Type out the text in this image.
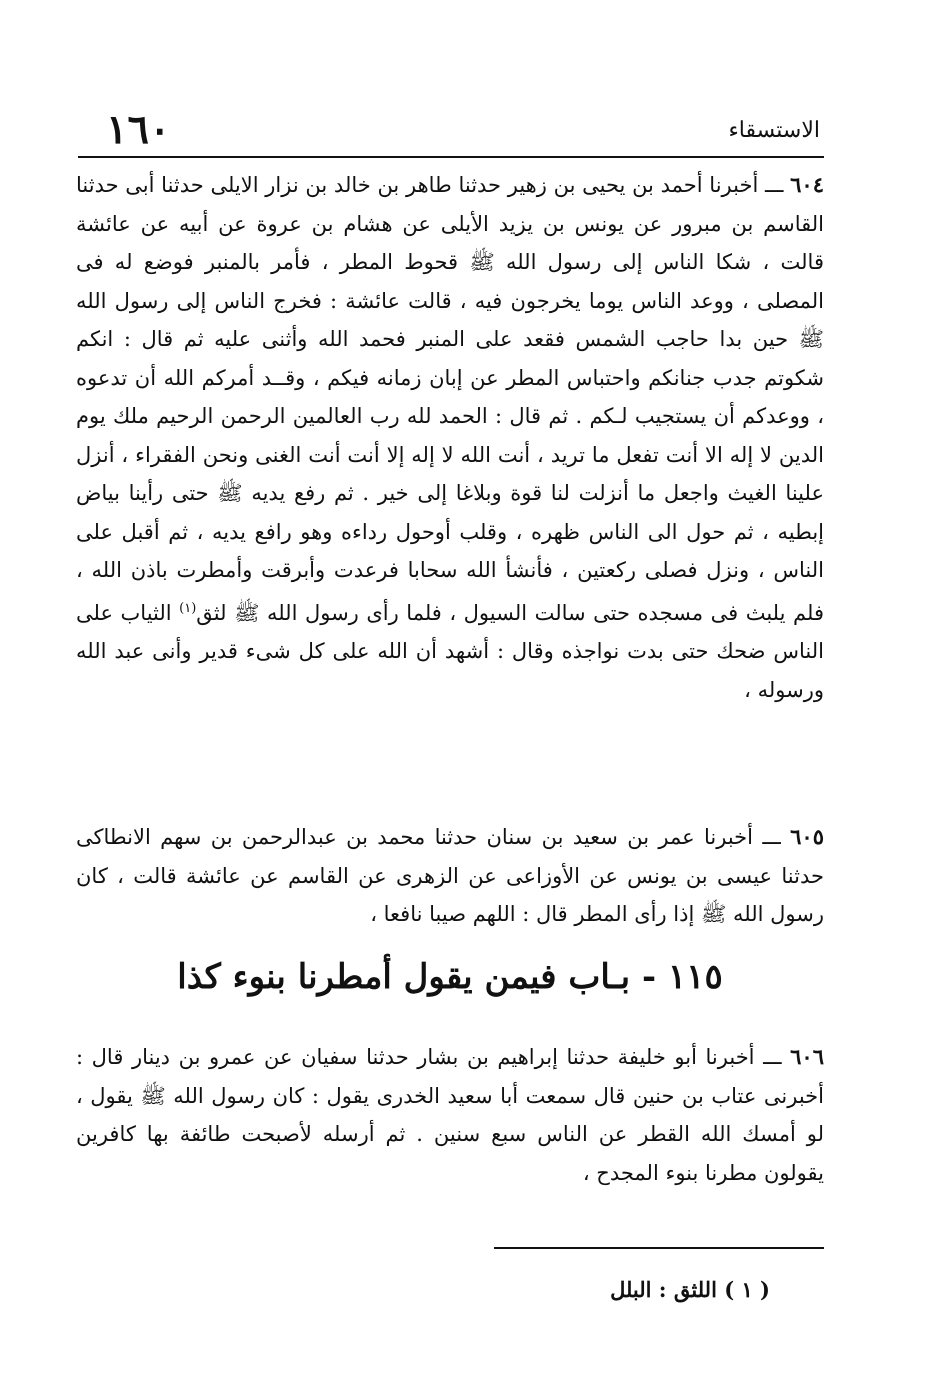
١٦٠	الاستسقاء

٦٠٤ ـــ أخبرنا أحمد بن يحيى بن زهير حدثنا طاهر بن خالد بن نزار الايلى حدثنا أبى حدثنا القاسم بن مبرور عن يونس بن يزيد الأيلى عن هشام بن عروة عن أبيه عن عائشة قالت ، شكا الناس إلى رسول الله ﷺ قحوط المطر ، فأمر بالمنبر فوضع له فى المصلى ، ووعد الناس يوما يخرجون فيه ، قالت عائشة : فخرج الناس إلى رسول الله ﷺ حين بدا حاجب الشمس فقعد على المنبر فحمد الله وأثنى عليه ثم قال : انكم شكوتم جدب جنانكم واحتباس المطر عن إبان زمانه فيكم ، وقــد أمركم الله أن تدعوه ، ووعدكم أن يستجيب لـكم . ثم قال : الحمد لله رب العالمين الرحمن الرحيم ملك يوم الدين لا إله الا أنت تفعل ما تريد ، أنت الله لا إله إلا أنت أنت الغنى ونحن الفقراء ، أنزل علينا الغيث واجعل ما أنزلت لنا قوة وبلاغا إلى خير . ثم رفع يديه ﷺ حتى رأينا بياض إبطيه ، ثم حول الى الناس ظهره ، وقلب أوحول رداءه وهو رافع يديه ، ثم أقبل على الناس ، ونزل فصلى ركعتين ، فأنشأ الله سحابا فرعدت وأبرقت وأمطرت باذن الله ، فلم يلبث فى مسجده حتى سالت السيول ، فلما رأى رسول الله ﷺ لثق$^{(١)}$ الثياب على الناس ضحك حتى بدت نواجذه وقال : أشهد أن الله على كل شىء قدير وأنى عبد الله ورسوله ،

٦٠٥ ـــ أخبرنا عمر بن سعيد بن سنان حدثنا محمد بن عبدالرحمن بن سهم الانطاكى حدثنا عيسى بن يونس عن الأوزاعى عن الزهرى عن القاسم عن عائشة قالت ، كان رسول الله ﷺ إذا رأى المطر قال : اللهم صيبا نافعا ،

١١٥ - بـاب فيمن يقول أمطرنا بنوء كذا

٦٠٦ ـــ أخبرنا أبو خليفة حدثنا إبراهيم بن بشار حدثنا سفيان عن عمرو بن دينار قال : أخبرنى عتاب بن حنين قال سمعت أبا سعيد الخدرى يقول : كان رسول الله ﷺ يقول ، لو أمسك الله القطر عن الناس سبع سنين . ثم أرسله لأصبحت طائفة بها كافرين يقولون مطرنا بنوء المجدح ،

( ١ ) اللثق : البلل
